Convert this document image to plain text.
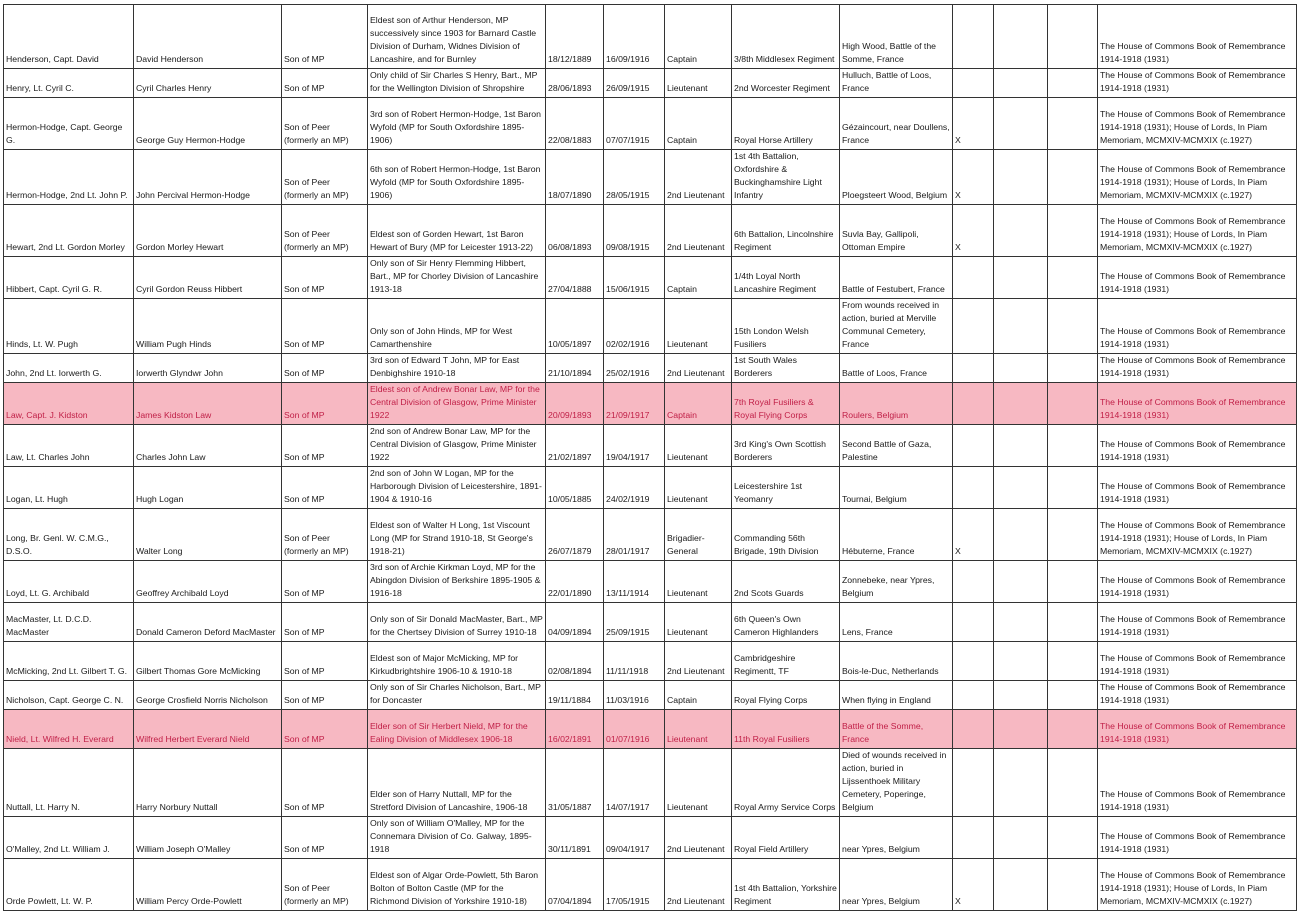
Henderson, Capt. David	David Henderson	Son of MP	Eldest son of Arthur Henderson, MP successively since 1903 for Barnard Castle Division of Durham, Widnes Division of Lancashire, and for Burnley	18/12/1889	16/09/1916	Captain	3/8th Middlesex Regiment	High Wood, Battle of the Somme, France				The House of Commons Book of Remembrance 1914-1918 (1931)
Henry, Lt. Cyril C.	Cyril Charles Henry	Son of MP	Only child of Sir Charles S Henry, Bart., MP for the Wellington Division of Shropshire	28/06/1893	26/09/1915	Lieutenant	2nd Worcester Regiment	Hulluch, Battle of Loos, France				The House of Commons Book of Remembrance 1914-1918 (1931)
Hermon-Hodge, Capt. George G.	George Guy Hermon-Hodge	Son of Peer (formerly an MP)	3rd son of Robert Hermon-Hodge, 1st Baron Wyfold (MP for South Oxfordshire 1895-1906)	22/08/1883	07/07/1915	Captain	Royal Horse Artillery	Gézaincourt, near Doullens, France	X			The House of Commons Book of Remembrance 1914-1918 (1931); House of Lords, In Piam Memoriam, MCMXIV-MCMXIX (c.1927)
Hermon-Hodge, 2nd Lt. John P.	John Percival Hermon-Hodge	Son of Peer (formerly an MP)	6th son of Robert Hermon-Hodge, 1st Baron Wyfold (MP for South Oxfordshire 1895-1906)	18/07/1890	28/05/1915	2nd Lieutenant	1st 4th Battalion, Oxfordshire & Buckinghamshire Light Infantry	Ploegsteert Wood, Belgium	X			The House of Commons Book of Remembrance 1914-1918 (1931); House of Lords, In Piam Memoriam, MCMXIV-MCMXIX (c.1927)
Hewart, 2nd Lt. Gordon Morley	Gordon Morley Hewart	Son of Peer (formerly an MP)	Eldest son of Gorden Hewart, 1st Baron Hewart of Bury (MP for Leicester 1913-22)	06/08/1893	09/08/1915	2nd Lieutenant	6th Battalion, Lincolnshire Regiment	Suvla Bay, Gallipoli, Ottoman Empire	X			The House of Commons Book of Remembrance 1914-1918 (1931); House of Lords, In Piam Memoriam, MCMXIV-MCMXIX (c.1927)
Hibbert, Capt. Cyril G. R.	Cyril Gordon Reuss Hibbert	Son of MP	Only son of Sir Henry Flemming Hibbert, Bart., MP for Chorley Division of Lancashire 1913-18	27/04/1888	15/06/1915	Captain	1/4th Loyal North Lancashire Regiment	Battle of Festubert, France				The House of Commons Book of Remembrance 1914-1918 (1931)
Hinds, Lt. W. Pugh	William Pugh Hinds	Son of MP	Only son of John Hinds, MP for West Camarthenshire	10/05/1897	02/02/1916	Lieutenant	15th London Welsh Fusiliers	From wounds received in action, buried at Merville Communal Cemetery, France				The House of Commons Book of Remembrance 1914-1918 (1931)
John, 2nd Lt. Iorwerth G.	Iorwerth Glyndwr John	Son of MP	3rd son of Edward T John, MP for East Denbighshire 1910-18	21/10/1894	25/02/1916	2nd Lieutenant	1st South Wales Borderers	Battle of Loos, France				The House of Commons Book of Remembrance 1914-1918 (1931)
Law, Capt. J. Kidston	James Kidston Law	Son of MP	Eldest son of Andrew Bonar Law, MP for the Central Division of Glasgow, Prime Minister 1922	20/09/1893	21/09/1917	Captain	7th Royal Fusiliers & Royal Flying Corps	Roulers, Belgium				The House of Commons Book of Remembrance 1914-1918 (1931)
Law, Lt. Charles John	Charles John Law	Son of MP	2nd son of Andrew Bonar Law, MP for the Central Division of Glasgow, Prime Minister 1922	21/02/1897	19/04/1917	Lieutenant	3rd King's Own Scottish Borderers	Second Battle of Gaza, Palestine				The House of Commons Book of Remembrance 1914-1918 (1931)
Logan, Lt. Hugh	Hugh Logan	Son of MP	2nd son of John W Logan, MP for the Harborough Division of Leicestershire, 1891-1904 & 1910-16	10/05/1885	24/02/1919	Lieutenant	Leicestershire 1st Yeomanry	Tournai, Belgium				The House of Commons Book of Remembrance 1914-1918 (1931)
Long, Br. Genl. W. C.M.G., D.S.O.	Walter Long	Son of Peer (formerly an MP)	Eldest son of Walter H Long, 1st Viscount Long (MP for Strand 1910-18, St George's 1918-21)	26/07/1879	28/01/1917	Brigadier-General	Commanding 56th Brigade, 19th Division	Hébuterne, France	X			The House of Commons Book of Remembrance 1914-1918 (1931); House of Lords, In Piam Memoriam, MCMXIV-MCMXIX (c.1927)
Loyd, Lt. G. Archibald	Geoffrey Archibald Loyd	Son of MP	3rd son of Archie Kirkman Loyd, MP for the Abingdon Division of Berkshire 1895-1905 & 1916-18	22/01/1890	13/11/1914	Lieutenant	2nd Scots Guards	Zonnebeke, near Ypres, Belgium				The House of Commons Book of Remembrance 1914-1918 (1931)
MacMaster, Lt. D.C.D. MacMaster	Donald Cameron Deford MacMaster	Son of MP	Only son of Sir Donald MacMaster, Bart., MP for the Chertsey Division of Surrey 1910-18	04/09/1894	25/09/1915	Lieutenant	6th Queen's Own Cameron Highlanders	Lens, France				The House of Commons Book of Remembrance 1914-1918 (1931)
McMicking, 2nd Lt. Gilbert T. G.	Gilbert Thomas Gore McMicking	Son of MP	Eldest son of Major McMicking, MP for Kirkudbrightshire 1906-10 & 1910-18	02/08/1894	11/11/1918	2nd Lieutenant	Cambridgeshire Regimentt, TF	Bois-le-Duc, Netherlands				The House of Commons Book of Remembrance 1914-1918 (1931)
Nicholson, Capt. George C. N.	George Crosfield Norris Nicholson	Son of MP	Only son of Sir Charles Nicholson, Bart., MP for Doncaster	19/11/1884	11/03/1916	Captain	Royal Flying Corps	When flying in England				The House of Commons Book of Remembrance 1914-1918 (1931)
Nield, Lt. Wilfred H. Everard	Wilfred Herbert Everard Nield	Son of MP	Elder son of Sir Herbert Nield, MP for the Ealing Division of Middlesex 1906-18	16/02/1891	01/07/1916	Lieutenant	11th Royal Fusiliers	Battle of the Somme, France				The House of Commons Book of Remembrance 1914-1918 (1931)
Nuttall, Lt. Harry N.	Harry Norbury Nuttall	Son of MP	Elder son of Harry Nuttall, MP for the Stretford Division of Lancashire, 1906-18	31/05/1887	14/07/1917	Lieutenant	Royal Army Service Corps	Died of wounds received in action, buried in Lijssenthoek Military Cemetery, Poperinge, Belgium				The House of Commons Book of Remembrance 1914-1918 (1931)
O'Malley, 2nd Lt. William J.	William Joseph O'Malley	Son of MP	Only son of William O'Malley, MP for the Connemara Division of Co. Galway, 1895-1918	30/11/1891	09/04/1917	2nd Lieutenant	Royal Field Artillery	near Ypres, Belgium				The House of Commons Book of Remembrance 1914-1918 (1931)
Orde Powlett, Lt. W. P.	William Percy Orde-Powlett	Son of Peer (formerly an MP)	Eldest son of Algar Orde-Powlett, 5th Baron Bolton of Bolton Castle (MP for the Richmond Division of Yorkshire 1910-18)	07/04/1894	17/05/1915	2nd Lieutenant	1st 4th Battalion, Yorkshire Regiment	near Ypres, Belgium	X			The House of Commons Book of Remembrance 1914-1918 (1931); House of Lords, In Piam Memoriam, MCMXIV-MCMXIX (c.1927)
